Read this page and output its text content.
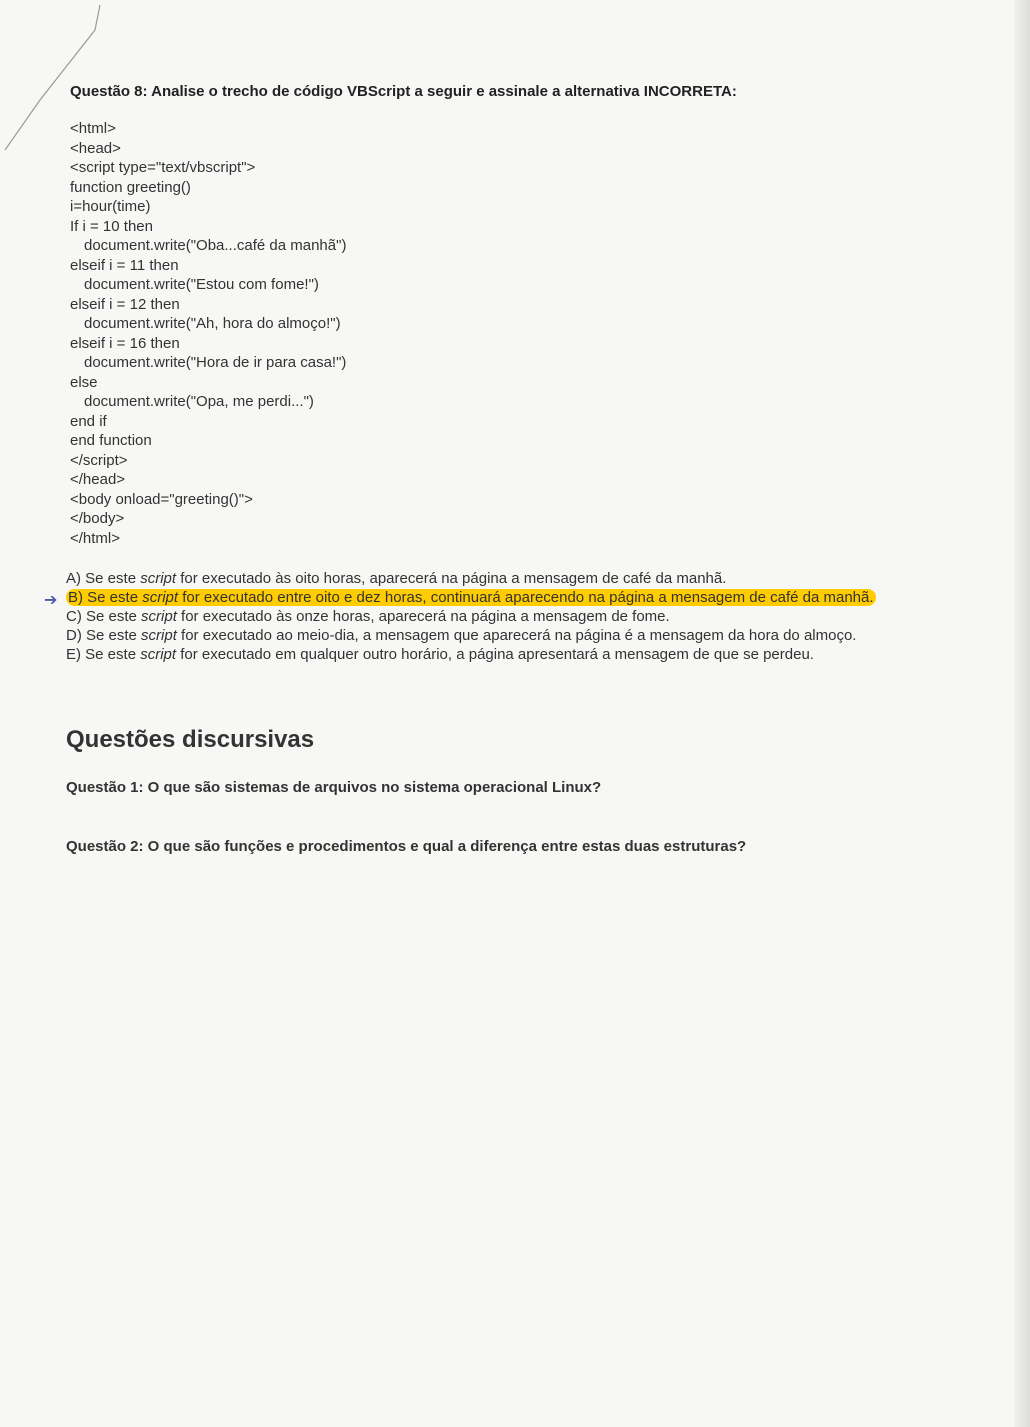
Questão 8: Analise o trecho de código VBScript a seguir e assinale a alternativa INCORRETA:
<html>
<head>
<script type="text/vbscript">
function greeting()
i=hour(time)
If i = 10 then
document.write("Oba...café da manhã")
elseif i = 11 then
document.write("Estou com fome!")
elseif i = 12 then
document.write("Ah, hora do almoço!")
elseif i = 16 then
document.write("Hora de ir para casa!")
else
document.write("Opa, me perdi...")
end if
end function
</script>
</head>
<body onload="greeting()">
</body>
</html>
➔
A) Se este script for executado às oito horas, aparecerá na página a mensagem de café da manhã.
B) Se este script for executado entre oito e dez horas, continuará aparecendo na página a mensagem de café da manhã.
C) Se este script for executado às onze horas, aparecerá na página a mensagem de fome.
D) Se este script for executado ao meio-dia, a mensagem que aparecerá na página é a mensagem da hora do almoço.
E) Se este script for executado em qualquer outro horário, a página apresentará a mensagem de que se perdeu.
Questões discursivas
Questão 1: O que são sistemas de arquivos no sistema operacional Linux?
Questão 2: O que são funções e procedimentos e qual a diferença entre estas duas estruturas?
